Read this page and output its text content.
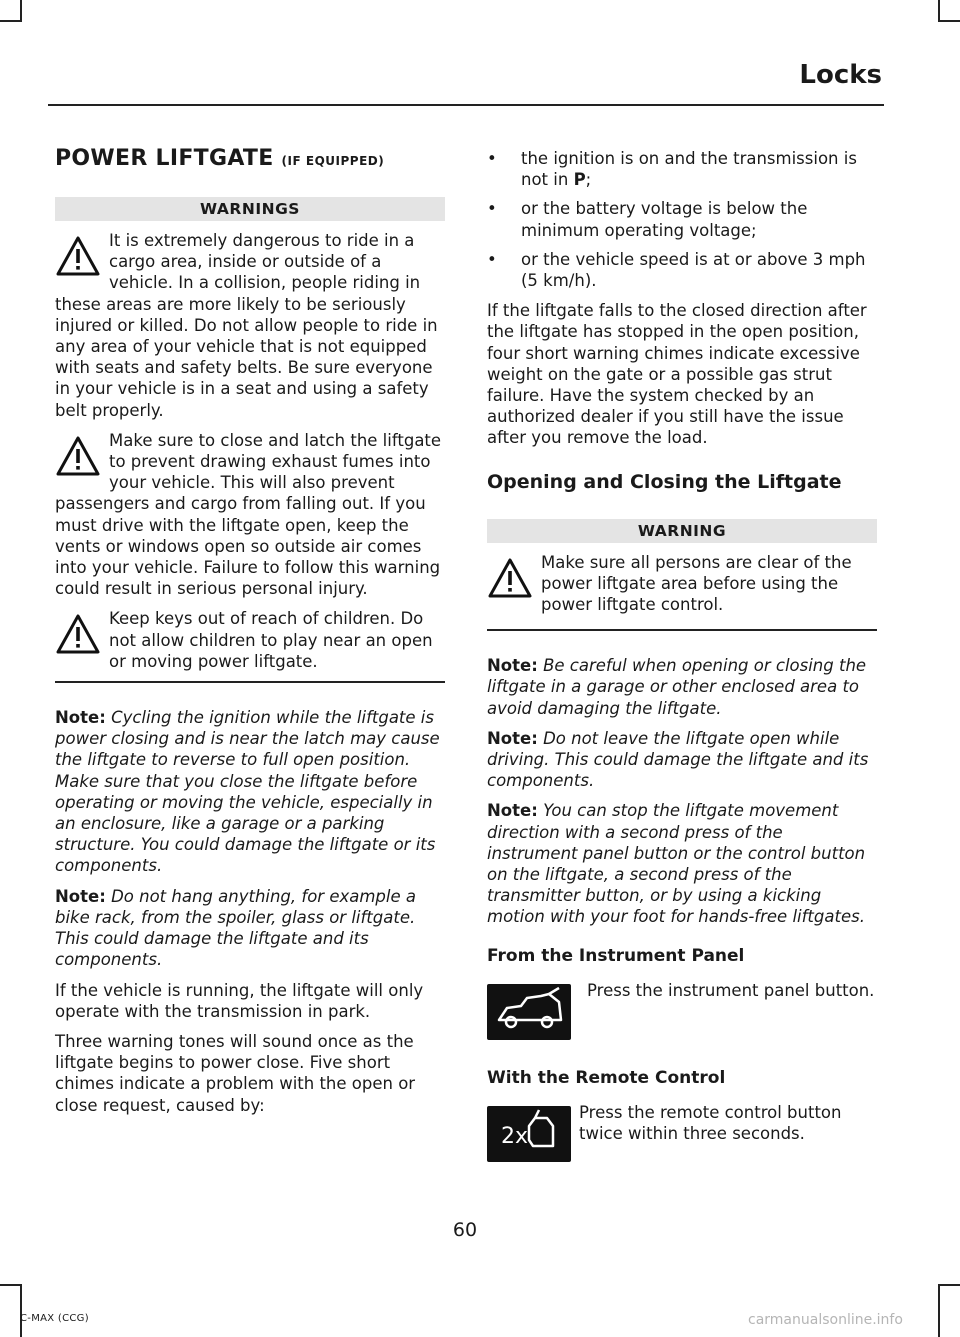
Locks
POWER LIFTGATE (IF EQUIPPED)
WARNINGS
It is extremely dangerous to ride in a cargo area, inside or outside of a vehicle. In a collision, people riding in these areas are more likely to be seriously injured or killed. Do not allow people to ride in any area of your vehicle that is not equipped with seats and safety belts. Be sure everyone in your vehicle is in a seat and using a safety belt properly.
Make sure to close and latch the liftgate to prevent drawing exhaust fumes into your vehicle. This will also prevent passengers and cargo from falling out. If you must drive with the liftgate open, keep the vents or windows open so outside air comes into your vehicle. Failure to follow this warning could result in serious personal injury.
Keep keys out of reach of children. Do not allow children to play near an open or moving power liftgate.

Note: Cycling the ignition while the liftgate is power closing and is near the latch may cause the liftgate to reverse to full open position. Make sure that you close the liftgate before operating or moving the vehicle, especially in an enclosure, like a garage or a parking structure. You could damage the liftgate or its components.

Note: Do not hang anything, for example a bike rack, from the spoiler, glass or liftgate. This could damage the liftgate and its components.

If the vehicle is running, the liftgate will only operate with the transmission in park.

Three warning tones will sound once as the liftgate begins to power close. Five short chimes indicate a problem with the open or close request, caused by:

• the ignition is on and the transmission is not in P;
• or the battery voltage is below the minimum operating voltage;
• or the vehicle speed is at or above 3 mph (5 km/h).

If the liftgate falls to the closed direction after the liftgate has stopped in the open position, four short warning chimes indicate excessive weight on the gate or a possible gas strut failure. Have the system checked by an authorized dealer if you still have the issue after you remove the load.

Opening and Closing the Liftgate
WARNING
Make sure all persons are clear of the power liftgate area before using the power liftgate control.

Note: Be careful when opening or closing the liftgate in a garage or other enclosed area to avoid damaging the liftgate.

Note: Do not leave the liftgate open while driving. This could damage the liftgate and its components.

Note: You can stop the liftgate movement direction with a second press of the instrument panel button or the control button on the liftgate, a second press of the transmitter button, or by using a kicking motion with your foot for hands-free liftgates.

From the Instrument Panel
Press the instrument panel button.
With the Remote Control
2x
Press the remote control button twice within three seconds.
60
C-MAX (CCG)	carmanualsonline.info
